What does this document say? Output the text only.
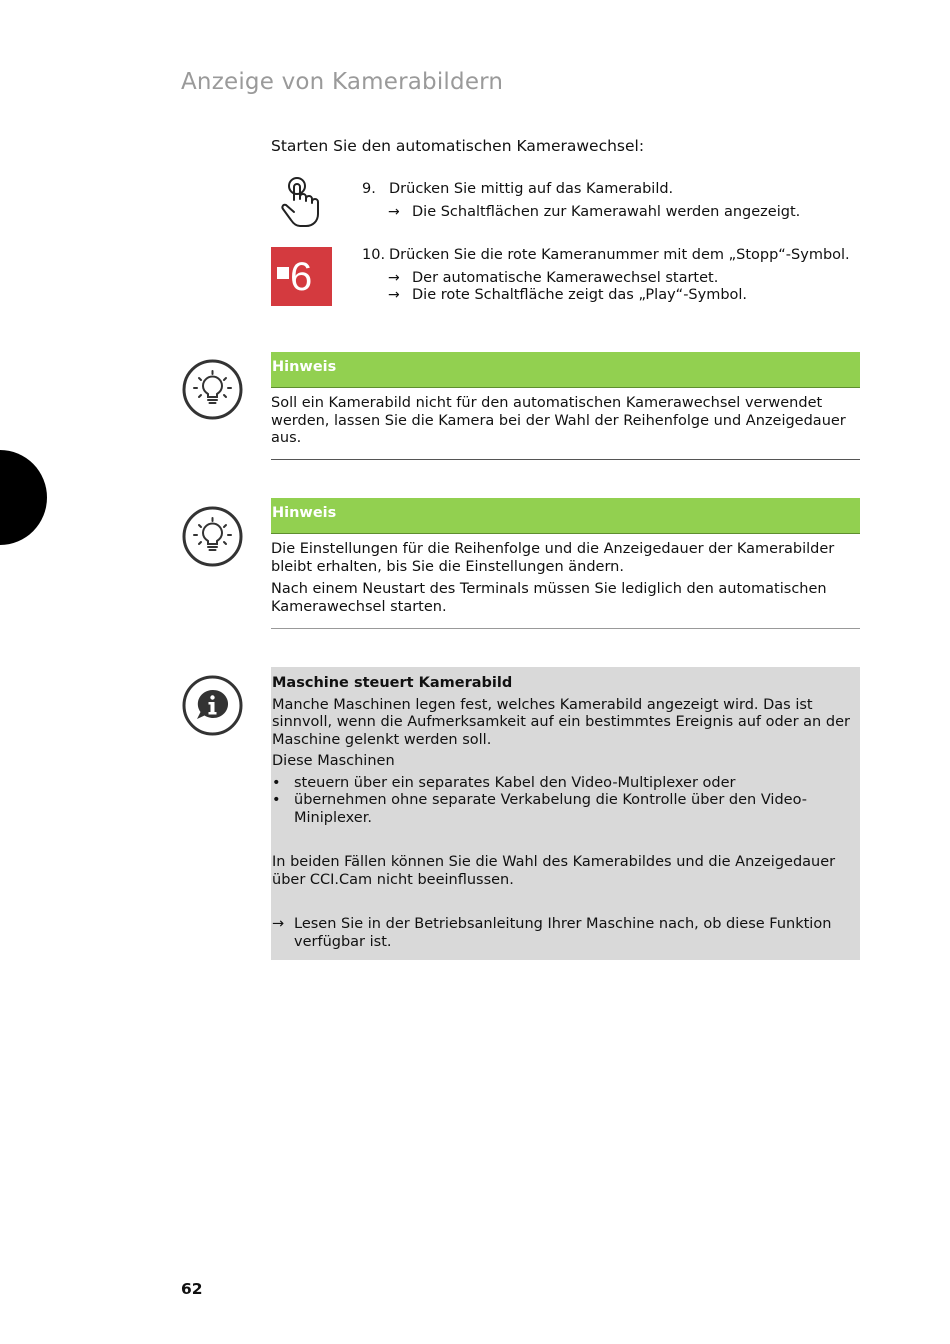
Anzeige von Kamerabildern
Starten Sie den automatischen Kamerawechsel:
9. Drücken Sie mittig auf das Kamerabild.
→ Die Schaltflächen zur Kamerawahl werden angezeigt.
6	10. Drücken Sie die rote Kameranummer mit dem „Stopp“-Symbol.
→ Der automatische Kamerawechsel startet.
→ Die rote Schaltfläche zeigt das „Play“-Symbol.
Hinweis
Soll ein Kamerabild nicht für den automatischen Kamerawechsel verwendet werden, lassen Sie die Kamera bei der Wahl der Reihenfolge und Anzeigedauer aus.
Hinweis
Die Einstellungen für die Reihenfolge und die Anzeigedauer der Kamerabilder bleibt erhalten, bis Sie die Einstellungen ändern.
Nach einem Neustart des Terminals müssen Sie lediglich den automatischen Kamerawechsel starten.

Maschine steuert Kamerabild

Manche Maschinen legen fest, welches Kamerabild angezeigt wird. Das ist sinnvoll, wenn die Aufmerksamkeit auf ein bestimmtes Ereignis auf oder an der Maschine gelenkt werden soll.

Diese Maschinen

• steuern über ein separates Kabel den Video-Multiplexer oder
• übernehmen ohne separate Verkabelung die Kontrolle über den Video-Miniplexer.

In beiden Fällen können Sie die Wahl des Kamerabildes und die Anzeigedauer über CCI.Cam nicht beeinflussen.

→ Lesen Sie in der Betriebsanleitung Ihrer Maschine nach, ob diese Funktion verfügbar ist.
62
